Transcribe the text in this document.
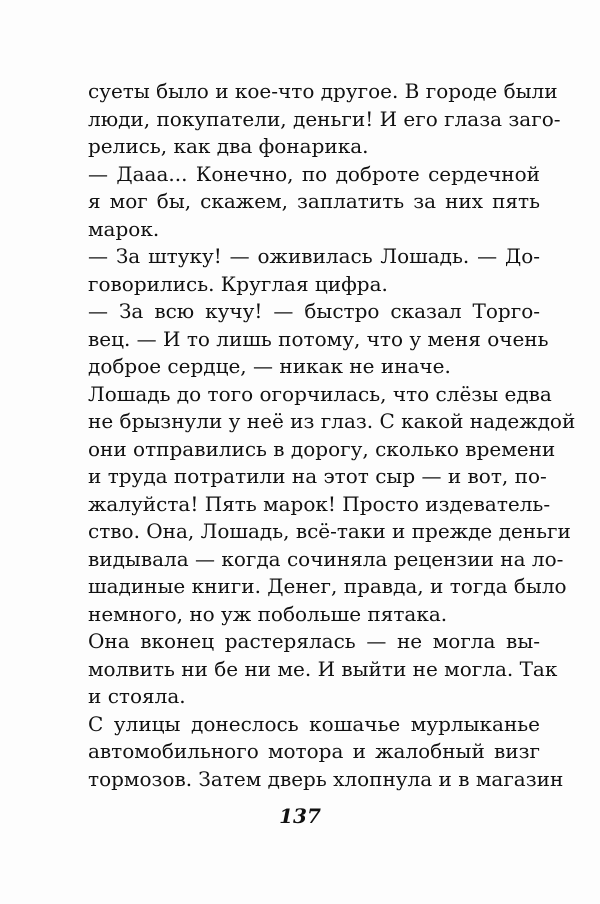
суеты было и кое-что другое. В городе были
люди, покупатели, деньги! И его глаза заго-
релись, как два фонарика.
— Дааа... Конечно, по доброте сердечной
я мог бы, скажем, заплатить за них пять
марок.
— За штуку! — оживилась Лошадь. — До-
говорились. Круглая цифра.
— За всю кучу! — быстро сказал Торго-
вец. — И то лишь потому, что у меня очень
доброе сердце, — никак не иначе.
Лошадь до того огорчилась, что слёзы едва
не брызнули у неё из глаз. С какой надеждой
они отправились в дорогу, сколько времени
и труда потратили на этот сыр — и вот, по-
жалуйста! Пять марок! Просто издеватель-
ство. Она, Лошадь, всё-таки и прежде деньги
видывала — когда сочиняла рецензии на ло-
шадиные книги. Денег, правда, и тогда было
немного, но уж побольше пятака.
Она вконец растерялась — не могла вы-
молвить ни бе ни ме. И выйти не могла. Так
и стояла.
С улицы донеслось кошачье мурлыканье
автомобильного мотора и жалобный визг
тормозов. Затем дверь хлопнула и в магазин
137
